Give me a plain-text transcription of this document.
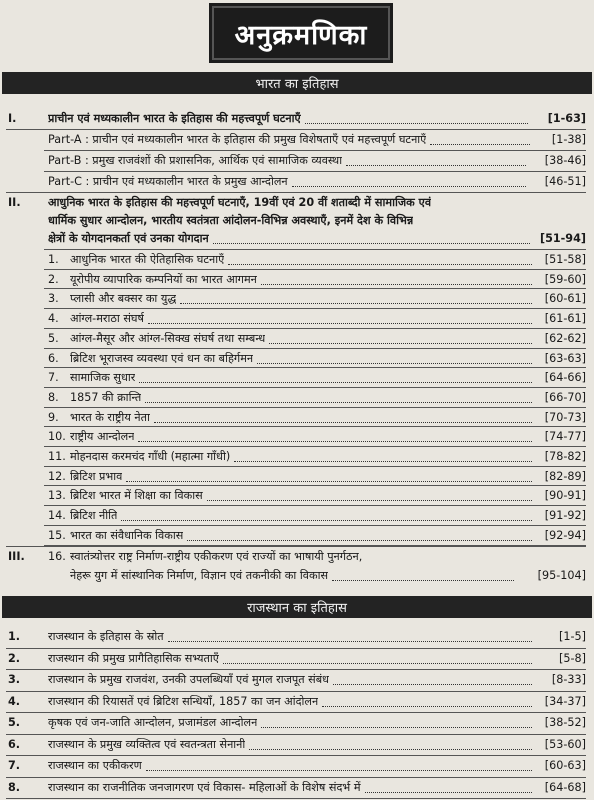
अनुक्रमणिका
भारत का इतिहास
I.	प्राचीन एवं मध्यकालीन भारत के इतिहास की महत्त्वपूर्ण घटनाएँ	[1-63]
Part-A : प्राचीन एवं मध्यकालीन भारत के इतिहास की प्रमुख विशेषताएँ एवं महत्त्वपूर्ण घटनाएँ	[1-38]
Part-B : प्रमुख राजवंशों की प्रशासनिक, आर्थिक एवं सामाजिक व्यवस्था	[38-46]
Part-C : प्राचीन एवं मध्यकालीन भारत के प्रमुख आन्दोलन	[46-51]
II. आधुनिक भारत के इतिहास की महत्त्वपूर्ण घटनाएँ, 19वीं एवं 20 वीं शताब्दी में सामाजिक एवं
धार्मिक सुधार आन्दोलन, भारतीय स्वतंत्रता आंदोलन-विभिन्न अवस्थाएँ, इनमें देश के विभिन्न
क्षेत्रों के योगदानकर्ता एवं उनका योगदान	[51-94]
1. आधुनिक भारत की ऐतिहासिक घटनाएँ	[51-58]
2. यूरोपीय व्यापारिक कम्पनियों का भारत आगमन	[59-60]
3. प्लासी और बक्सर का युद्ध	[60-61]
4. आंग्ल-मराठा संघर्ष	[61-61]
5. आंग्ल-मैसूर और आंग्ल-सिक्ख संघर्ष तथा सम्बन्ध	[62-62]
6. ब्रिटिश भूराजस्व व्यवस्था एवं धन का बहिर्गमन	[63-63]
7. सामाजिक सुधार	[64-66]
8. 1857 की क्रान्ति	[66-70]
9. भारत के राष्ट्रीय नेता	[70-73]
10. राष्ट्रीय आन्दोलन	[74-77]
11. मोहनदास करमचंद गाँधी (महात्मा गाँधी)	[78-82]
12. ब्रिटिश प्रभाव	[82-89]
13. ब्रिटिश भारत में शिक्षा का विकास	[90-91]
14. ब्रिटिश नीति	[91-92]
15. भारत का संवैधानिक विकास	[92-94]
III. 16. स्वातंत्र्योत्तर राष्ट्र निर्माण-राष्ट्रीय एकीकरण एवं राज्यों का भाषायी पुनर्गठन,
नेहरू युग में सांस्थानिक निर्माण, विज्ञान एवं तकनीकी का विकास	[95-104]
राजस्थान का इतिहास
1. राजस्थान के इतिहास के स्रोत	[1-5]
2. राजस्थान की प्रमुख प्रागैतिहासिक सभ्यताएँ	[5-8]
3. राजस्थान के प्रमुख राजवंश, उनकी उपलब्धियाँ एवं मुगल राजपूत संबंध	[8-33]
4. राजस्थान की रियासतें एवं ब्रिटिश सन्धियाँ, 1857 का जन आंदोलन	[34-37]
5. कृषक एवं जन-जाति आन्दोलन, प्रजामंडल आन्दोलन	[38-52]
6. राजस्थान के प्रमुख व्यक्तित्व एवं स्वतन्त्रता सेनानी	[53-60]
7. राजस्थान का एकीकरण	[60-63]
8. राजस्थान का राजनीतिक जनजागरण एवं विकास- महिलाओं के विशेष संदर्भ में	[64-68]
